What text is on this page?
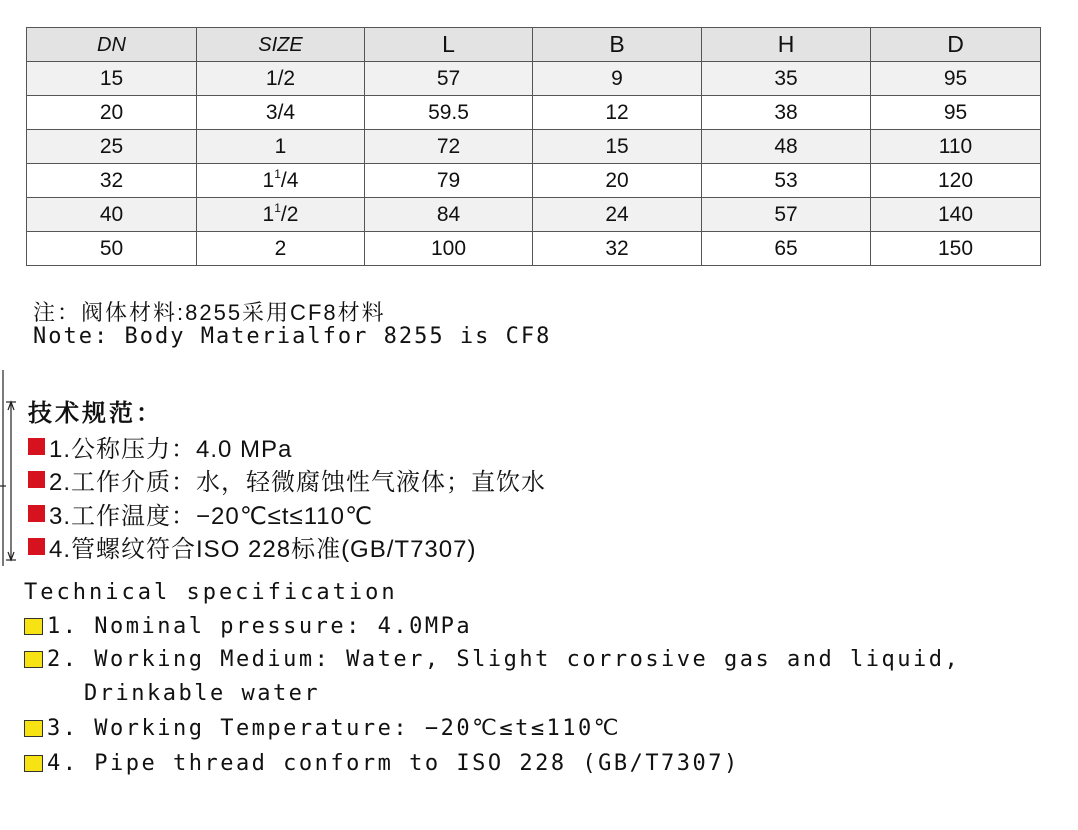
DN	SIZE	L	B	H	D
15	1/2	57	9	35	95
20	3/4	59.5	12	38	95
25	1	72	15	48	110
32	1 1 /4	79	20	53	120
40	1 1 /2	84	24	57	140
50	2	100	32	65	150
注：阀体材料:8255采用CF8材料
Note: Body Materialfor 8255 is CF8
技术规范：
1.公称压力：4.0 MPa
2.工作介质：水，轻微腐蚀性气液体；直饮水
3.工作温度：−20℃≤t≤110℃
4.管螺纹符合ISO 228标准(GB/T7307)
Technical specification
1. Nominal pressure: 4.0MPa
2. Working Medium: Water, Slight corrosive gas and liquid,
Drinkable water
3. Working Temperature: −20℃≤t≤110℃
4. Pipe thread conform to ISO 228 (GB/T7307)
